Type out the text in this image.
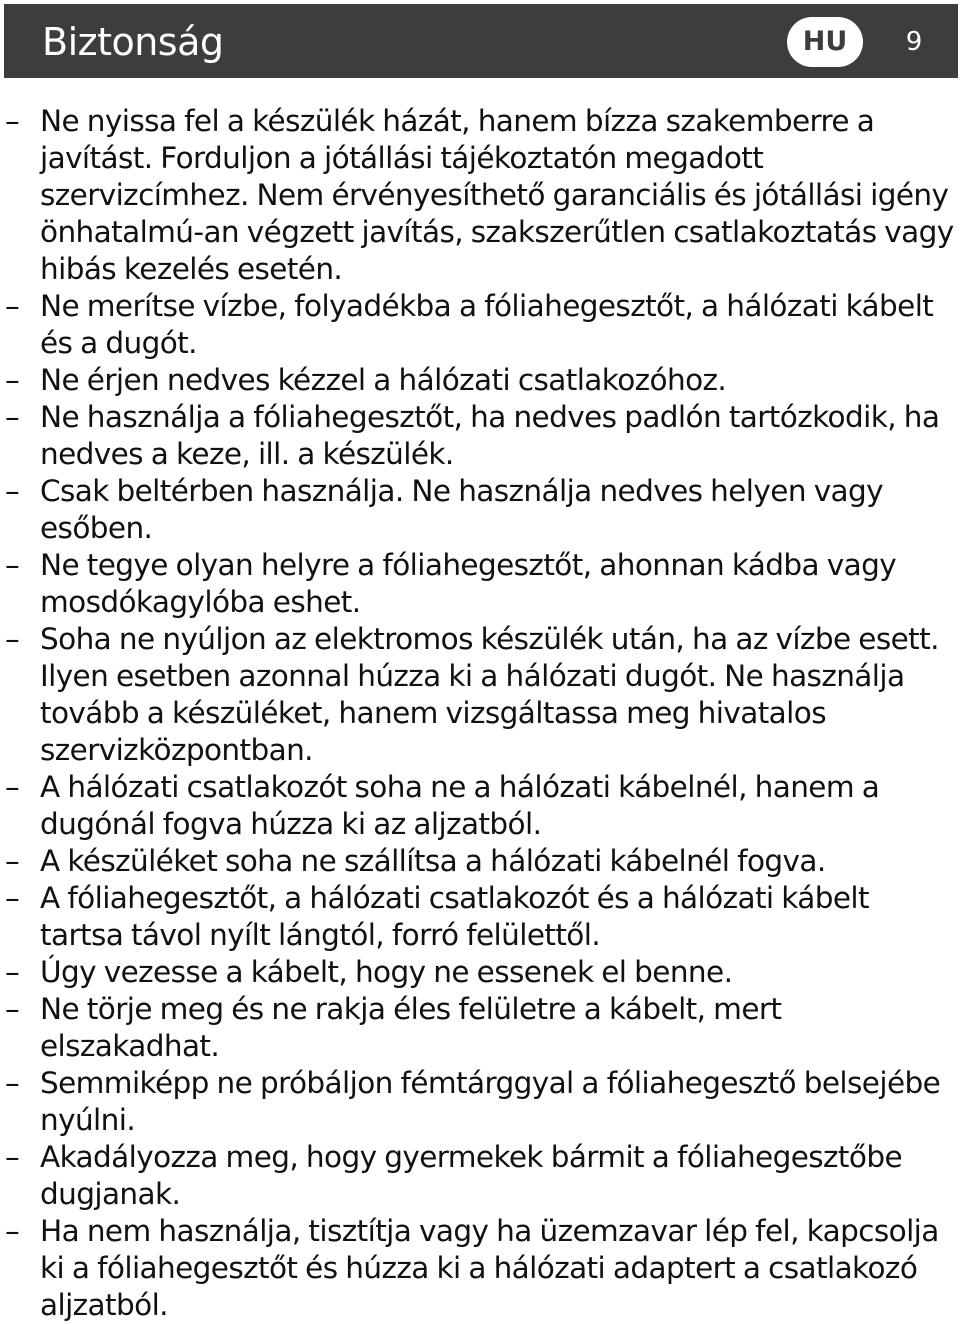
Biztonság	HU	9
– Ne nyissa fel a készülék házát, hanem bízza szakemberre a javítást. Forduljon a jótállási tájékoztatón megadott szervizcímhez. Nem érvényesíthető garanciális és jótállási igény önhatalmú-an végzett javítás, szakszerűtlen csatlakoztatás vagy hibás kezelés esetén.
– Ne merítse vízbe, folyadékba a fóliahegesztőt, a hálózati kábelt és a dugót.
– Ne érjen nedves kézzel a hálózati csatlakozóhoz.
– Ne használja a fóliahegesztőt, ha nedves padlón tartózkodik, ha nedves a keze, ill. a készülék.
– Csak beltérben használja. Ne használja nedves helyen vagy esőben.
– Ne tegye olyan helyre a fóliahegesztőt, ahonnan kádba vagy mosdókagylóba eshet.
– Soha ne nyúljon az elektromos készülék után, ha az vízbe esett. Ilyen esetben azonnal húzza ki a hálózati dugót. Ne használja tovább a készüléket, hanem vizsgáltassa meg hivatalos szervizközpontban.
– A hálózati csatlakozót soha ne a hálózati kábelnél, hanem a dugónál fogva húzza ki az aljzatból.
– A készüléket soha ne szállítsa a hálózati kábelnél fogva.
– A fóliahegesztőt, a hálózati csatlakozót és a hálózati kábelt tartsa távol nyílt lángtól, forró felülettől.
– Úgy vezesse a kábelt, hogy ne essenek el benne.
– Ne törje meg és ne rakja éles felületre a kábelt, mert elszakadhat.
– Semmiképp ne próbáljon fémtárggyal a fóliahegesztő belsejébe nyúlni.
– Akadályozza meg, hogy gyermekek bármit a fóliahegesztőbe dugjanak.
– Ha nem használja, tisztítja vagy ha üzemzavar lép fel, kapcsolja ki a fóliahegesztőt és húzza ki a hálózati adaptert a csatlakozó aljzatból.
